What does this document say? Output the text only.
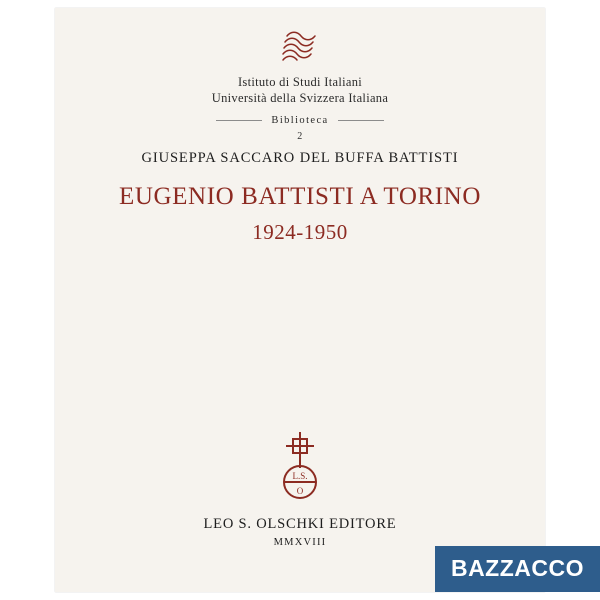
Istituto di Studi Italiani
Università della Svizzera Italiana
Biblioteca
2
GIUSEPPA SACCARO DEL BUFFA BATTISTI
EUGENIO BATTISTI A TORINO
1924-1950
L.S.
O
LEO S. OLSCHKI EDITORE
MMXVIII
BAZZACCO
